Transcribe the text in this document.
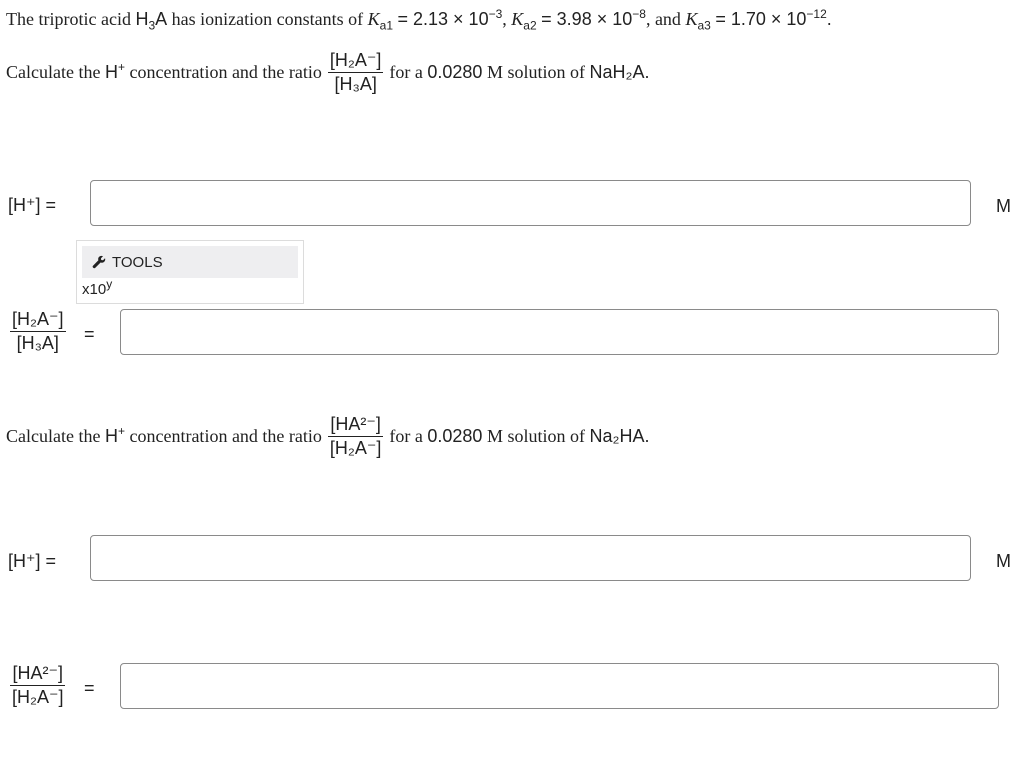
The triprotic acid
$H_3A$
has ionization constants of
$K_{a1} = 2.13 \times 10^{-3}$ ,
$K_{a2} = 3.98 \times 10^{-8}$ , and
$K_{a3} = 1.70 \times 10^{-12}$ .
Calculate the
H+
concentration and the ratio $\frac{\text{[H₂A⁻]}}{\text{[H₃A]}}$ for a
0.0280
M solution of
NaH₂A.
[H⁺] =	M
TOOLS
x10$^y$
$\frac{\text{[H₂A⁻]}}{\text{[H₃A]}}$ =
Calculate the
H+
concentration and the ratio $\frac{\text{[HA²⁻]}}{\text{[H₂A⁻]}}$ for a
0.0280
M solution of
Na₂HA.
[H⁺] =	M
$\frac{\text{[HA²⁻]}}{\text{[H₂A⁻]}}$ =
